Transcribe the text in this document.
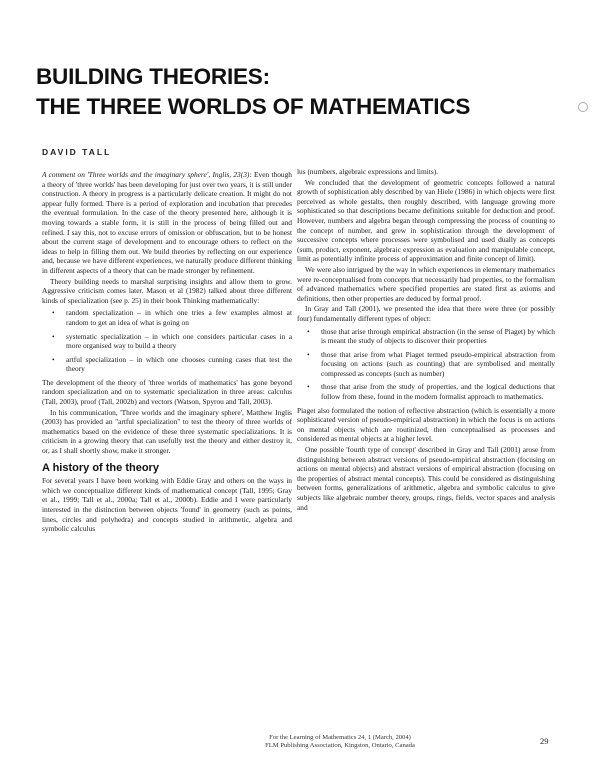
BUILDING THEORIES:
THE THREE WORLDS OF MATHEMATICS

DAVID TALL

A comment on 'Three worlds and the imaginary sphere', Inglis, 23(3): Even though a theory of 'three worlds' has been developing for just over two years, it is still under construction. A theory in progress is a particularly delicate creation. It might do not appear fully formed. There is a period of exploration and incubation that precedes the eventual formulation. In the case of the theory presented here, although it is moving towards a stable form, it is still in the process of being filled out and refined. I say this, not to excuse errors of omission or obfuscation, but to be honest about the current stage of development and to encourage others to reflect on the ideas to help in filling them out. We build theories by reflecting on our experience and, because we have different experiences, we naturally produce different thinking in different aspects of a theory that can be made stronger by refinement.

Theory building needs to marshal surprising insights and allow them to grow. Aggressive criticism comes later. Mason et al (1982) talked about three different kinds of specialization (see p. 25) in their book Thinking mathematically:

• random specialization – in which one tries a few examples almost at random to get an idea of what is going on
• systematic specialization – in which one considers particular cases in a more organised way to build a theory
• artful specialization – in which one chooses cunning cases that test the theory

The development of the theory of 'three worlds of mathematics' has gone beyond random specialization and on to systematic specialization in three areas: calculus (Tall, 2003), proof (Tall, 2002b) and vectors (Watson, Spyrou and Tall, 2003).

In his communication, 'Three worlds and the imaginary sphere', Matthew Inglis (2003) has provided an "artful specialization" to test the theory of three worlds of mathematics based on the evidence of these three systematic specializations. It is criticism in a growing theory that can usefully test the theory and either destroy it, or, as I shall shortly show, make it stronger.

A history of the theory

For several years I have been working with Eddie Gray and others on the ways in which we conceptualize different kinds of mathematical concept (Tall, 1995; Gray et al., 1999; Tall et al., 2000a; Tall et al., 2000b). Eddie and I were particularly interested in the distinction between objects 'found' in geometry (such as points, lines, circles and polyhedra) and concepts studied in arithmetic, algebra and symbolic calculus

lus (numbers, algebraic expressions and limits).

We concluded that the development of geometric concepts followed a natural growth of sophistication ably described by van Hiele (1986) in which objects were first perceived as whole gestalts, then roughly described, with language growing more sophisticated so that descriptions became definitions suitable for deduction and proof. However, numbers and algebra began through compressing the process of counting to the concept of number, and grew in sophistication through the development of successive concepts where processes were symbolised and used dually as concepts (sum, product, exponent, algebraic expression as evaluation and manipulable concept, limit as potentially infinite process of approximation and finite concept of limit).

We were also intrigued by the way in which experiences in elementary mathematics were re-conceptualised from concepts that necessarily had properties, to the formalism of advanced mathematics where specified properties are stated first as axioms and definitions, then other properties are deduced by formal proof.

In Gray and Tall (2001), we presented the idea that there were three (or possibly four) fundamentally different types of object:

• those that arise through empirical abstraction (in the sense of Piaget) by which is meant the study of objects to discover their properties
• those that arise from what Piaget termed pseudo-empirical abstraction from focusing on actions (such as counting) that are symbolised and mentally compressed as concepts (such as number)
• those that arise from the study of properties, and the logical deductions that follow from these, found in the modern formalist approach to mathematics.

Piaget also formulated the notion of reflective abstraction (which is essentially a more sophisticated version of pseudo-empirical abstraction) in which the focus is on actions on mental objects which are routinized, then conceptualised as processes and considered as mental objects at a higher level.

One possible 'fourth type of concept' described in Gray and Tall (2001) arose from distinguishing between abstract versions of pseudo-empirical abstraction (focusing on actions on mental objects) and abstract versions of empirical abstraction (focusing on the properties of abstract mental concepts). This could be considered as distinguishing between forms, generalizations of arithmetic, algebra and symbolic calculus to give subjects like algebraic number theory, groups, rings, fields, vector spaces and analysis and

For the Learning of Mathematics 24, 1 (March, 2004)
FLM Publishing Association, Kingston, Ontario, Canada	29
